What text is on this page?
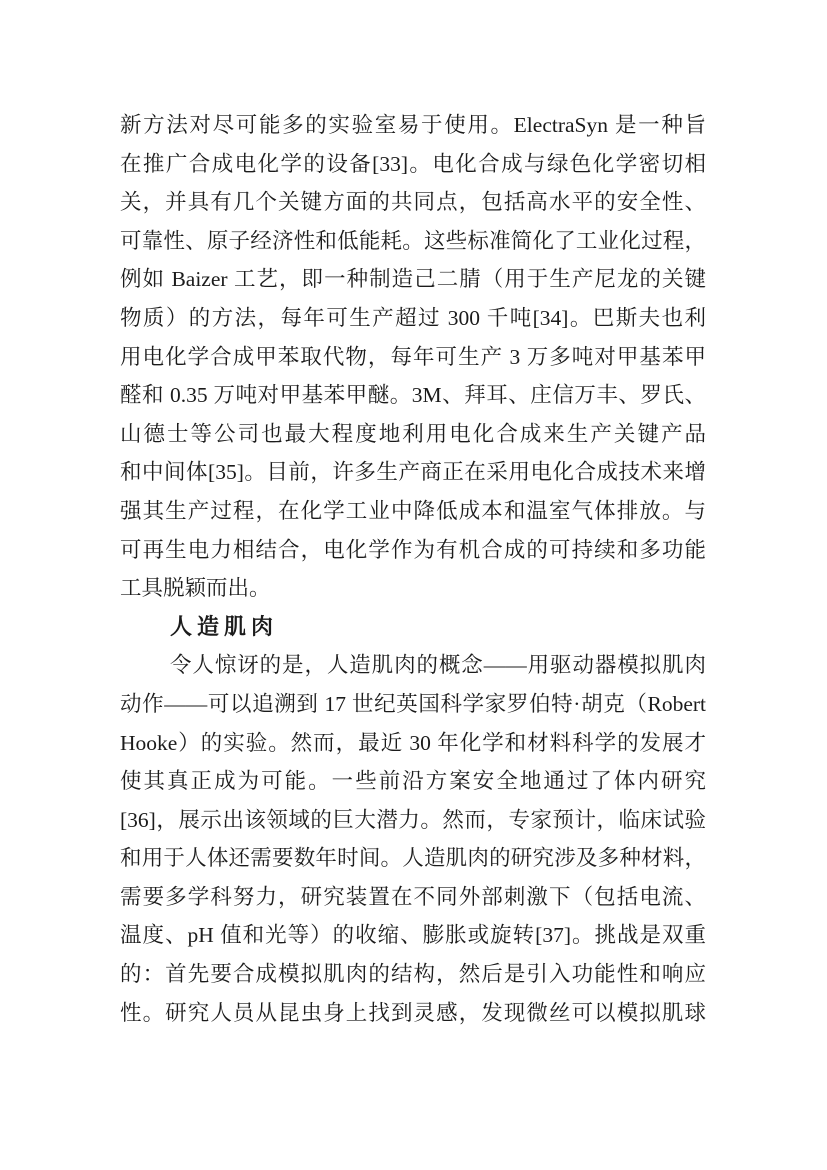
新方法对尽可能多的实验室易于使用。ElectraSyn 是一种旨
在推广合成电化学的设备[33]。电化合成与绿色化学密切相
关，并具有几个关键方面的共同点，包括高水平的安全性、
可靠性、原子经济性和低能耗。这些标准简化了工业化过程，
例如 Baizer 工艺，即一种制造己二腈（用于生产尼龙的关键
物质）的方法，每年可生产超过 300 千吨[34]。巴斯夫也利
用电化学合成甲苯取代物，每年可生产 3 万多吨对甲基苯甲
醛和 0.35 万吨对甲基苯甲醚。3M、拜耳、庄信万丰、罗氏、
山德士等公司也最大程度地利用电化合成来生产关键产品
和中间体[35]。目前，许多生产商正在采用电化合成技术来增
强其生产过程，在化学工业中降低成本和温室气体排放。与
可再生电力相结合，电化学作为有机合成的可持续和多功能
工具脱颖而出。
人造肌肉
令人惊讶的是，人造肌肉的概念——用驱动器模拟肌肉
动作——可以追溯到 17 世纪英国科学家罗伯特·胡克（Robert
Hooke）的实验。然而，最近 30 年化学和材料科学的发展才
使其真正成为可能。一些前沿方案安全地通过了体内研究
[36]，展示出该领域的巨大潜力。然而，专家预计，临床试验
和用于人体还需要数年时间。人造肌肉的研究涉及多种材料，
需要多学科努力，研究装置在不同外部刺激下（包括电流、
温度、pH 值和光等）的收缩、膨胀或旋转[37]。挑战是双重
的：首先要合成模拟肌肉的结构，然后是引入功能性和响应
性。研究人员从昆虫身上找到灵感，发现微丝可以模拟肌球
